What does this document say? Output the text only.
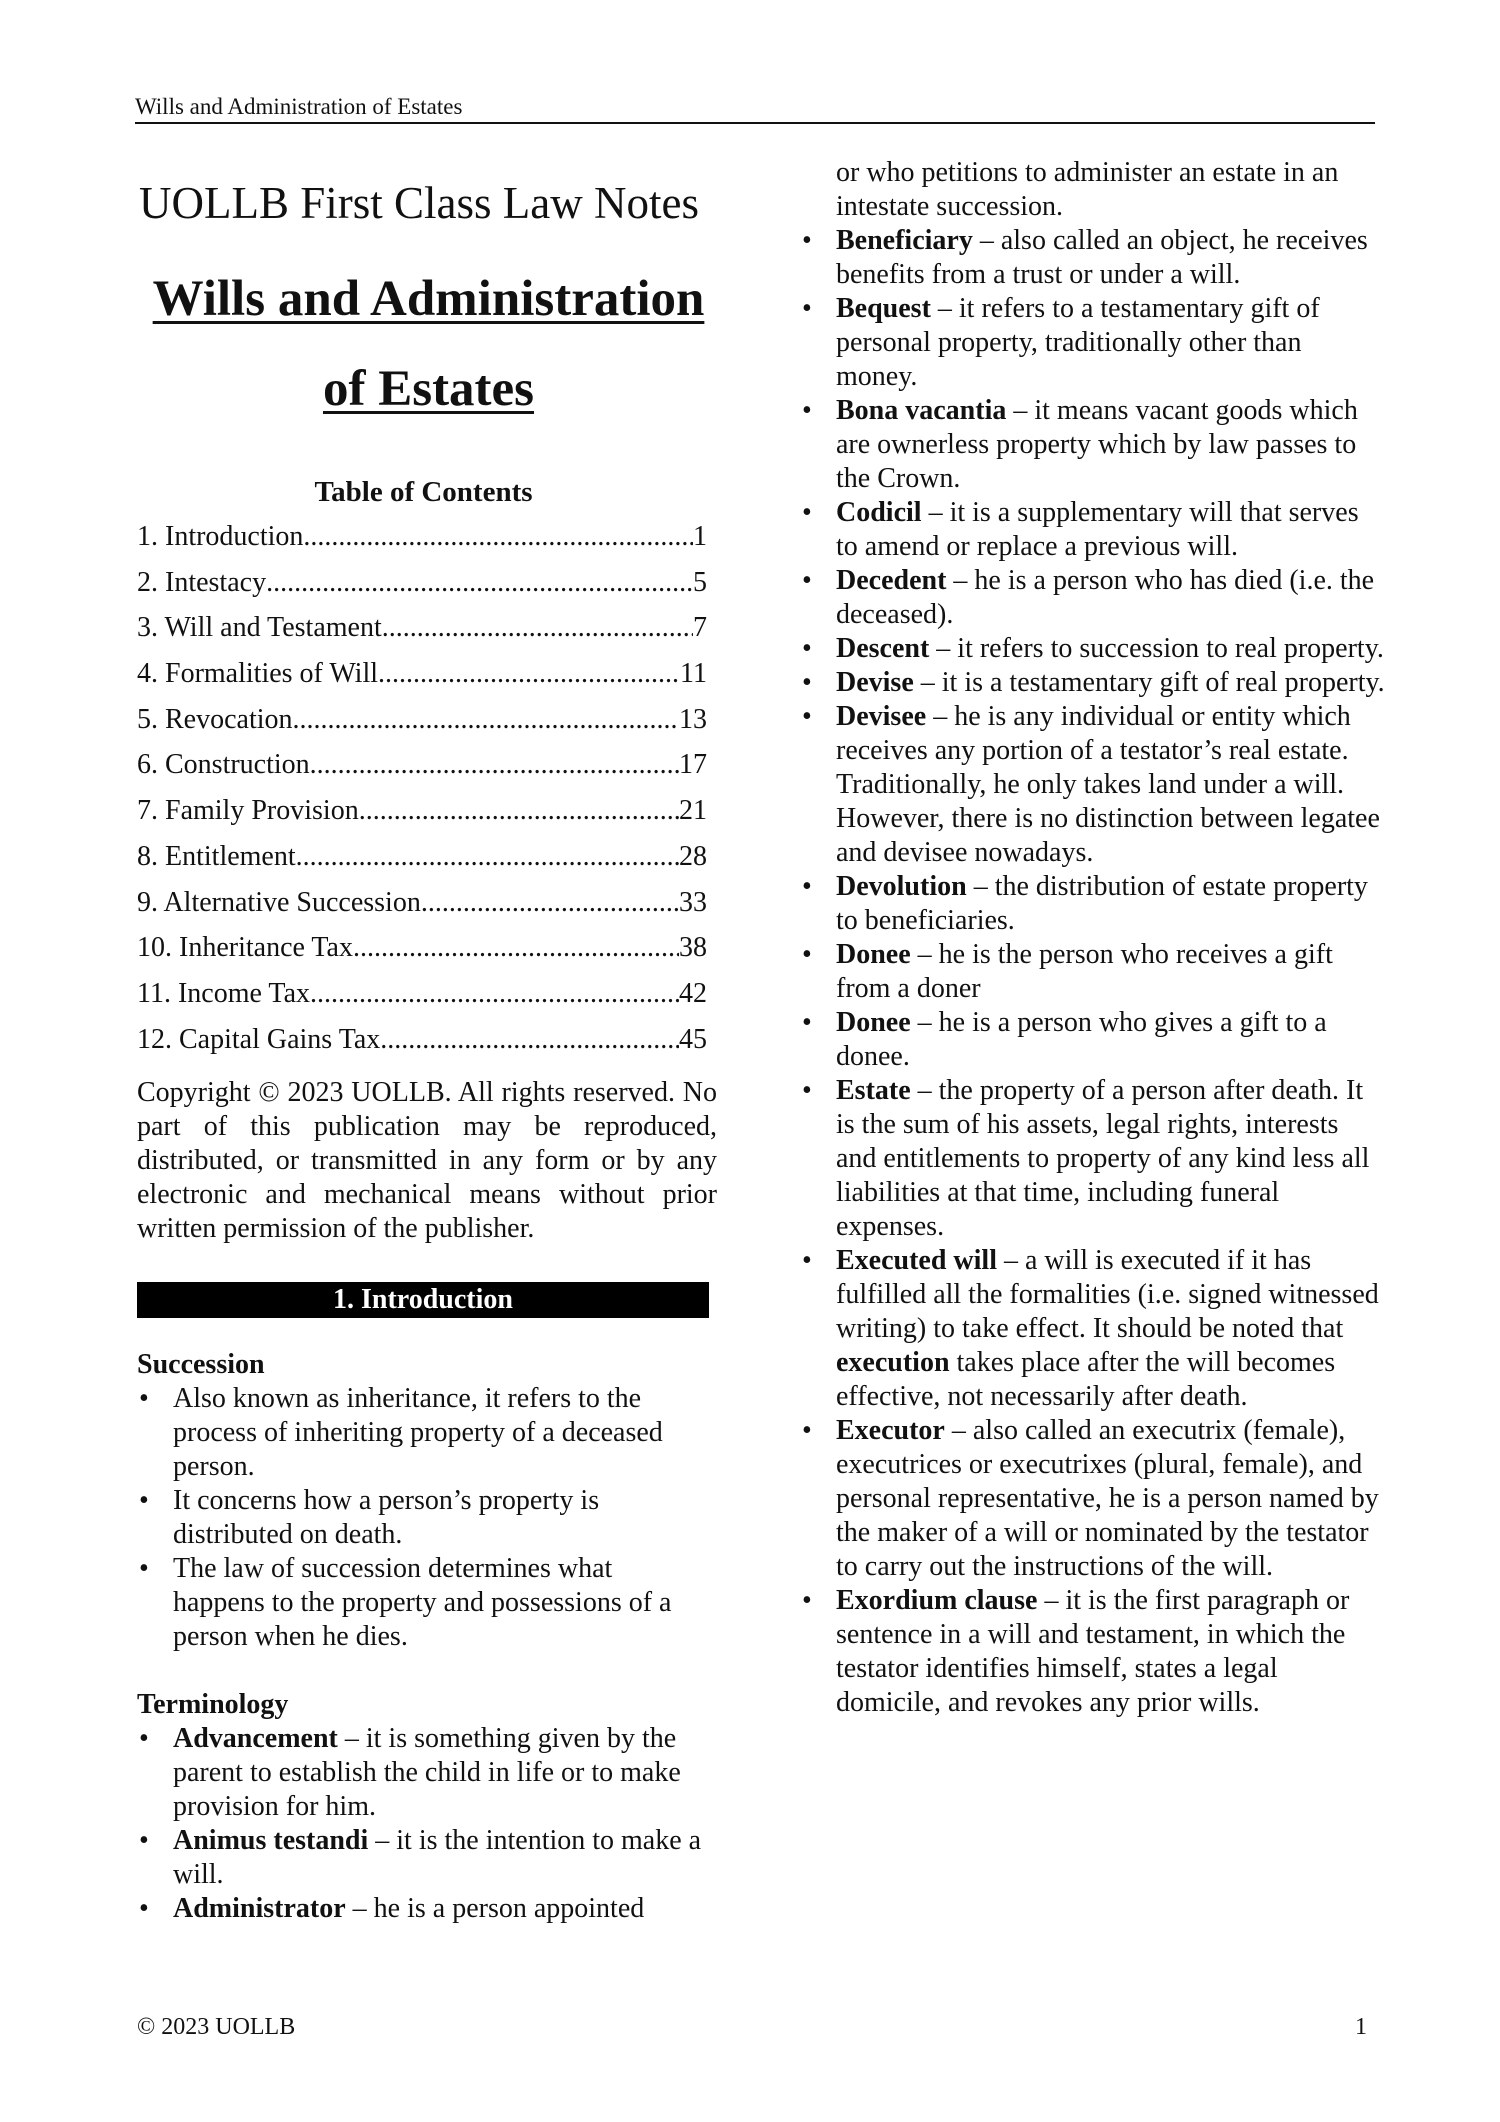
Wills and Administration of Estates
UOLLB First Class Law Notes
Wills and Administration
of Estates
Table of Contents
1. Introduction .....	1
2. Intestacy .....	5
3. Will and Testament .....	7
4. Formalities of Will .....	11
5. Revocation .....	13
6. Construction .....	17
7. Family Provision .....	21
8. Entitlement .....	28
9. Alternative Succession .....	33
10. Inheritance Tax .....	38
11. Income Tax .....	42
12. Capital Gains Tax .....	45
Copyright © 2023 UOLLB. All rights reserved. No part of this publication may be reproduced, distributed, or transmitted in any form or by any electronic and mechanical means without prior written permission of the publisher.
1. Introduction
Succession
• Also known as inheritance, it refers to the process of inheriting property of a deceased person.
• It concerns how a person’s property is distributed on death.
• The law of succession determines what happens to the property and possessions of a person when he dies.
Terminology
• Advancement – it is something given by the parent to establish the child in life or to make provision for him.
• Animus testandi – it is the intention to make a will.
• Administrator – he is a person appointed
or who petitions to administer an estate in an intestate succession.
• Beneficiary – also called an object, he receives benefits from a trust or under a will.
• Bequest – it refers to a testamentary gift of personal property, traditionally other than money.
• Bona vacantia – it means vacant goods which are ownerless property which by law passes to the Crown.
• Codicil – it is a supplementary will that serves to amend or replace a previous will.
• Decedent – he is a person who has died (i.e. the deceased).
• Descent – it refers to succession to real property.
• Devise – it is a testamentary gift of real property.
• Devisee – he is any individual or entity which receives any portion of a testator’s real estate. Traditionally, he only takes land under a will. However, there is no distinction between legatee and devisee nowadays.
• Devolution – the distribution of estate property to beneficiaries.
• Donee – he is the person who receives a gift from a doner
• Donee – he is a person who gives a gift to a donee.
• Estate – the property of a person after death. It is the sum of his assets, legal rights, interests and entitlements to property of any kind less all liabilities at that time, including funeral expenses.
• Executed will – a will is executed if it has fulfilled all the formalities (i.e. signed witnessed writing) to take effect. It should be noted that execution takes place after the will becomes effective, not necessarily after death.
• Executor – also called an executrix (female), executrices or executrixes (plural, female), and personal representative, he is a person named by the maker of a will or nominated by the testator to carry out the instructions of the will.
• Exordium clause – it is the first paragraph or sentence in a will and testament, in which the testator identifies himself, states a legal domicile, and revokes any prior wills.
© 2023 UOLLB	1
